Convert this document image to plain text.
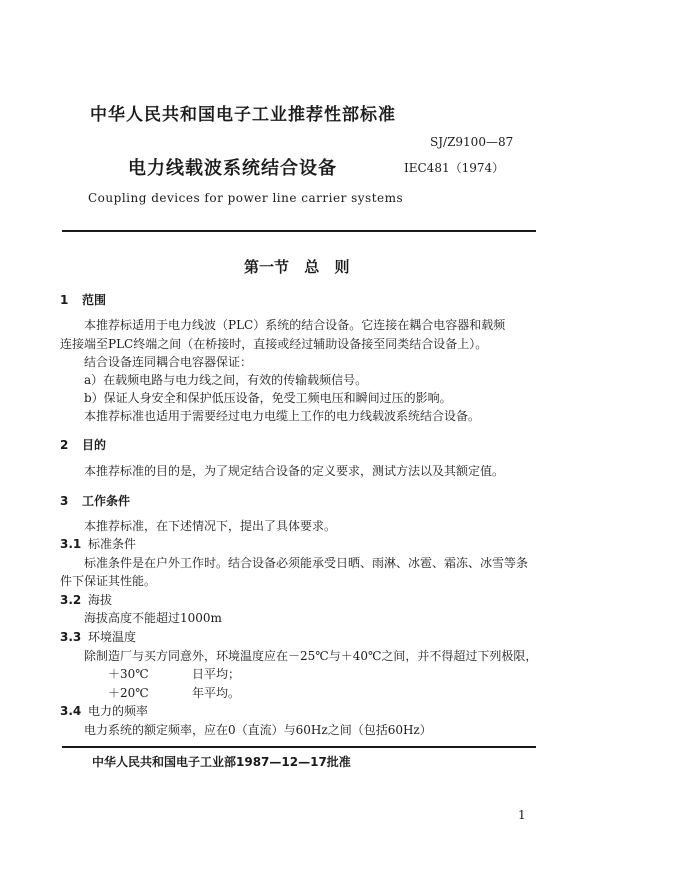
中华人民共和国电子工业推荐性部标准
SJ/Z9100—87
电力线载波系统结合设备	IEC481（1974）
Coupling devices for power line carrier systems
第一节 总 则
1 范围
本推荐标适用于电力线波（PLC）系统的结合设备。它连接在耦合电容器和载频
连接端至PLC终端之间（在桥接时，直接或经过辅助设备接至同类结合设备上）。
结合设备连同耦合电容器保证：
a）在载频电路与电力线之间，有效的传输载频信号。
b）保证人身安全和保护低压设备，免受工频电压和瞬间过压的影响。
本推荐标准也适用于需要经过电力电缆上工作的电力线载波系统结合设备。
2 目的
本推荐标准的目的是，为了规定结合设备的定义要求，测试方法以及其额定值。
3 工作条件
本推荐标准，在下述情况下，提出了具体要求。
3.1 标准条件
标准条件是在户外工作时。结合设备必须能承受日晒、雨淋、冰雹、霜冻、冰雪等条
件下保证其性能。
3.2 海拔
海拔高度不能超过1000m
3.3 环境温度
除制造厂与买方同意外，环境温度应在－25℃与＋40℃之间，并不得超过下列极限，
＋30℃	日平均；
＋20℃	年平均。
3.4 电力的频率
电力系统的额定频率，应在0（直流）与60Hz之间（包括60Hz）
中华人民共和国电子工业部1987—12—17批准
1
